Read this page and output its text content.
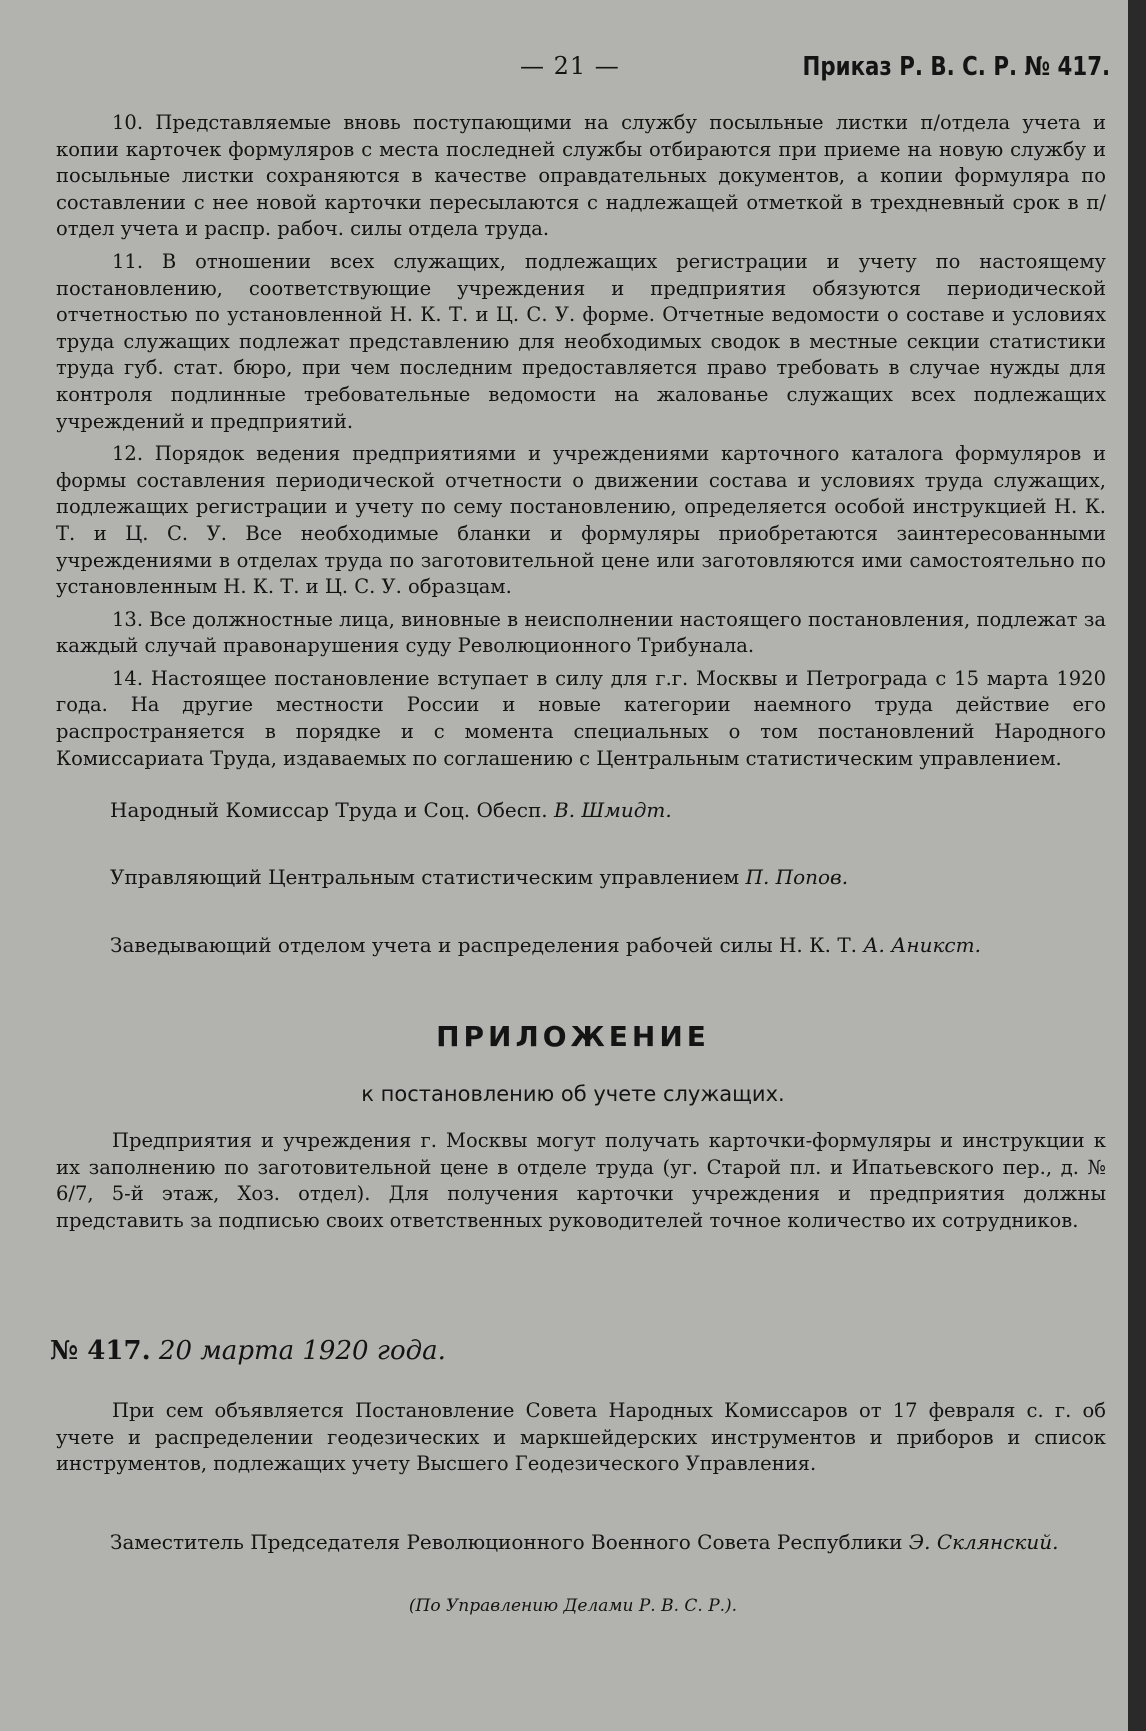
— 21 —	Приказ Р. В. С. Р. № 417.

10. Представляемые вновь поступающими на службу посыльные листки п/отдела учета и копии карточек формуляров с места последней службы отбираются при приеме на новую службу и посыльные листки сохраняются в качестве оправдательных документов, а копии формуляра по составлении с нее новой карточки пересылаются с надлежащей отметкой в трехдневный срок в п/отдел учета и распр. рабоч. силы отдела труда.

11. В отношении всех служащих, подлежащих регистрации и учету по настоящему постановлению, соответствующие учреждения и предприятия обязуются периодической отчетностью по установленной Н. К. Т. и Ц. С. У. форме. Отчетные ведомости о составе и условиях труда служащих подлежат представлению для необходимых сводок в местные секции статистики труда губ. стат. бюро, при чем последним предоставляется право требовать в случае нужды для контроля подлинные требовательные ведомости на жалованье служащих всех подлежащих учреждений и предприятий.

12. Порядок ведения предприятиями и учреждениями карточного каталога формуляров и формы составления периодической отчетности о движении состава и условиях труда служащих, подлежащих регистрации и учету по сему постановлению, определяется особой инструкцией Н. К. Т. и Ц. С. У. Все необходимые бланки и формуляры приобретаются заинтересованными учреждениями в отделах труда по заготовительной цене или заготовляются ими самостоятельно по установленным Н. К. Т. и Ц. С. У. образцам.

13. Все должностные лица, виновные в неисполнении настоящего постановления, подлежат за каждый случай правонарушения суду Революционного Трибунала.

14. Настоящее постановление вступает в силу для г.г. Москвы и Петрограда с 15 марта 1920 года. На другие местности России и новые категории наемного труда действие его распространяется в порядке и с момента специальных о том постановлений Народного Комиссариата Труда, издаваемых по соглашению с Центральным статистическим управлением.

Народный Комиссар Труда и Соц. Обесп. В. Шмидт.
Управляющий Центральным статистическим управлением П. Попов.
Заведывающий отделом учета и распределения рабочей силы Н. К. Т. А. Аникст.
ПРИЛОЖЕНИЕ
к постановлению об учете служащих.

Предприятия и учреждения г. Москвы могут получать карточки-формуляры и инструкции к их заполнению по заготовительной цене в отделе труда (уг. Старой пл. и Ипатьевского пер., д. № 6/7, 5-й этаж, Хоз. отдел). Для получения карточки учреждения и предприятия должны представить за подписью своих ответственных руководителей точное количество их сотрудников.

№ 417. 20 марта 1920 года.

При сем объявляется Постановление Совета Народных Комиссаров от 17 февраля с. г. об учете и распределении геодезических и маркшейдерских инструментов и приборов и список инструментов, подлежащих учету Высшего Геодезического Управления.

Заместитель Председателя Революционного Военного Совета Республики Э. Склянский.
(По Управлению Делами Р. В. С. Р.).
